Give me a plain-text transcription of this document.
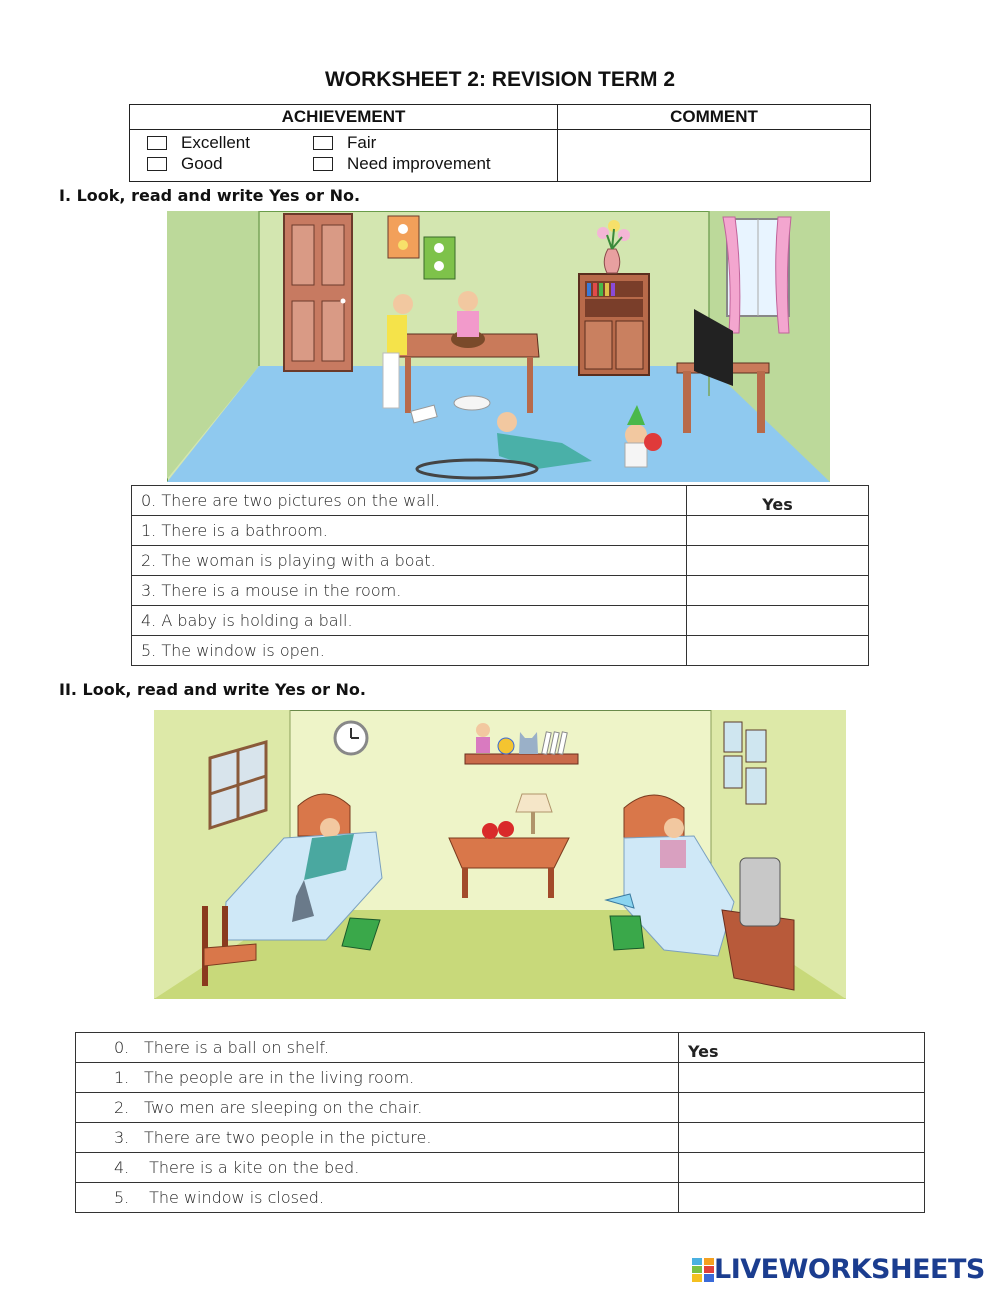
WORKSHEET 2: REVISION TERM 2
ACHIEVEMENT	COMMENT

Excellent
Good
Fair
Need improvement	

I. Look, read and write Yes or No.
0. There are two pictures on the wall.	Yes
1. There is a bathroom.	
2. The woman is playing with a boat.	
3. There is a mouse in the room.	
4. A baby is holding a ball.	
5. The window is open.	
II. Look, read and write Yes or No.
0. There is a ball on shelf.	Yes
1. The people are in the living room.	
2. Two men are sleeping on the chair.	
3. There are two people in the picture.	
4. There is a kite on the bed.	
5. The window is closed.	
LIVEWORKSHEETS
